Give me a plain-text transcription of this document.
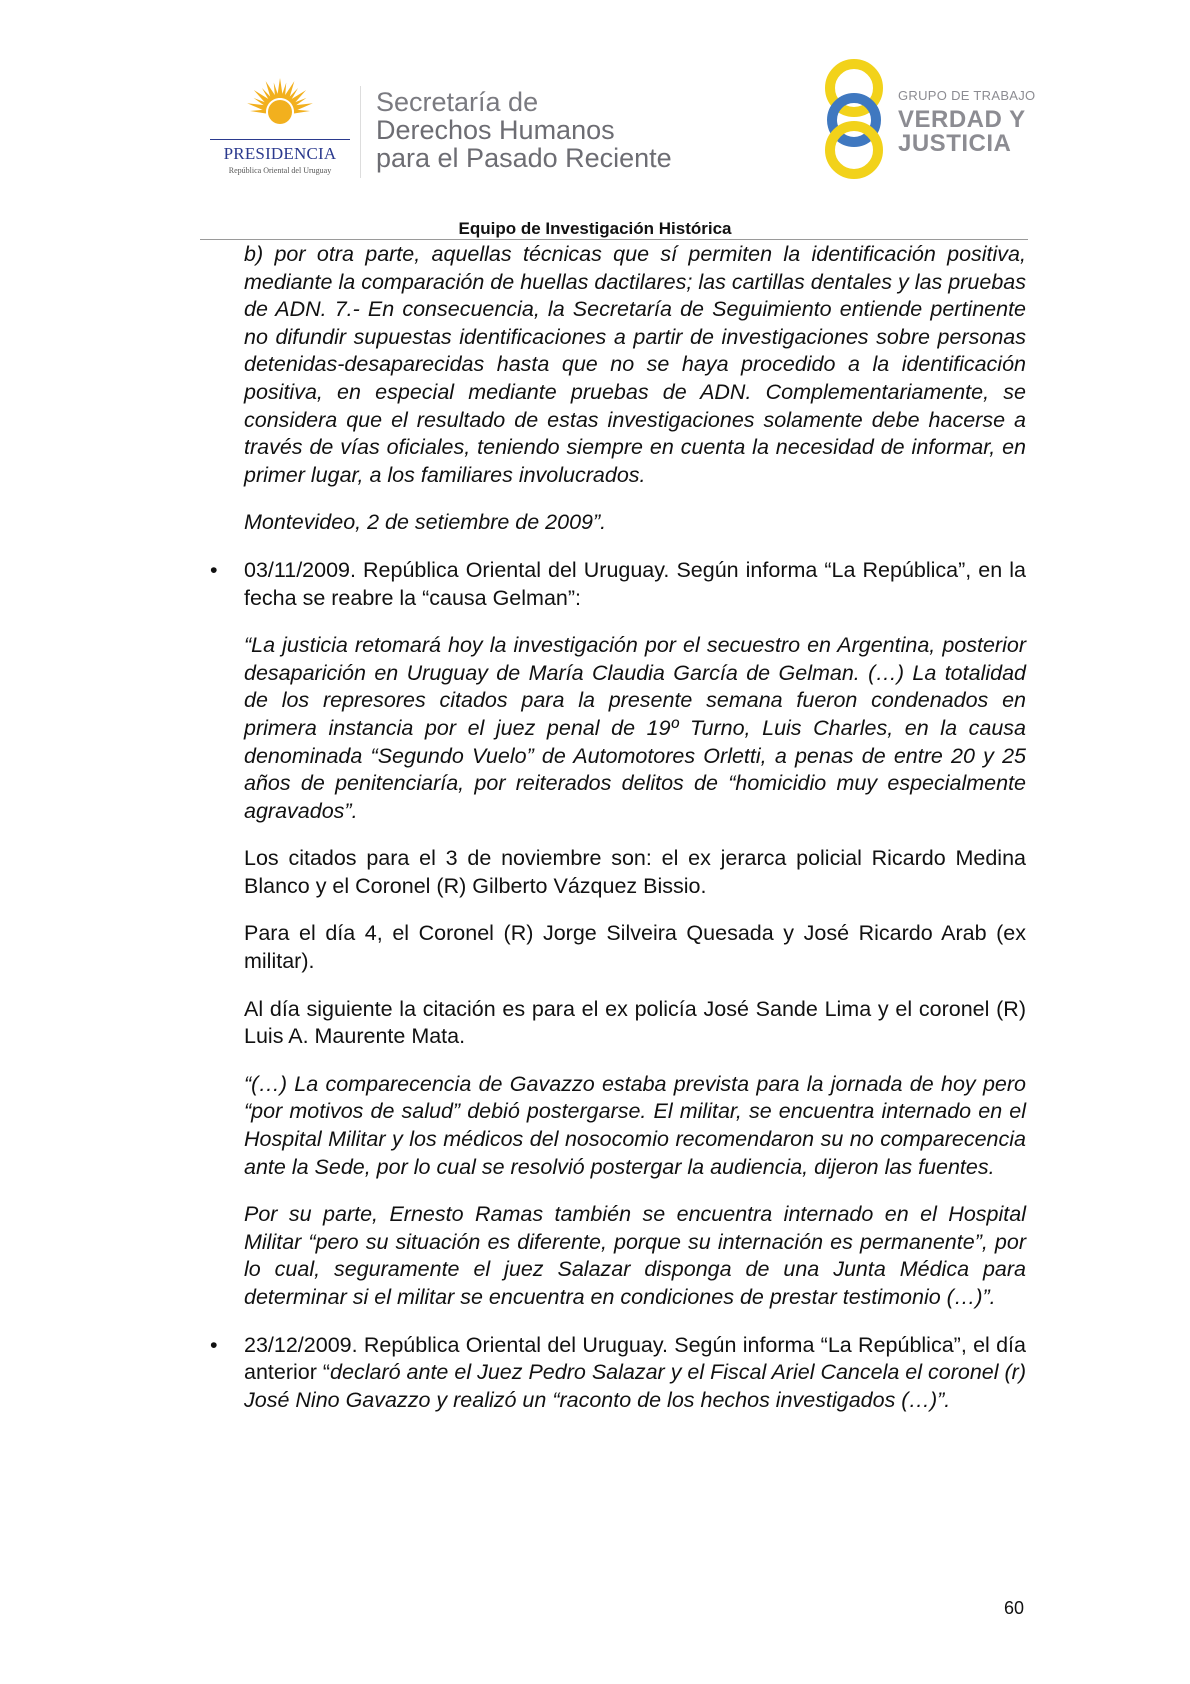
PRESIDENCIA
República Oriental del Uruguay
Secretaría de
Derechos Humanos
para el Pasado Reciente
GRUPO DE TRABAJO
VERDAD Y
JUSTICIA
Equipo de Investigación Histórica

b) por otra parte, aquellas técnicas que sí permiten la identificación positiva, mediante la comparación de huellas dactilares; las cartillas dentales y las pruebas de ADN. 7.- En consecuencia, la Secretaría de Seguimiento entiende pertinente no difundir supuestas identificaciones a partir de investigaciones sobre personas detenidas-desaparecidas hasta que no se haya procedido a la identificación positiva, en especial mediante pruebas de ADN. Complementariamente, se considera que el resultado de estas investigaciones solamente debe hacerse a través de vías oficiales, teniendo siempre en cuenta la necesidad de informar, en primer lugar, a los familiares involucrados.

Montevideo, 2 de setiembre de 2009”.

• 03/11/2009. República Oriental del Uruguay. Según informa “La República”, en la fecha se reabre la “causa Gelman”:

“La justicia retomará hoy la investigación por el secuestro en Argentina, posterior desaparición en Uruguay de María Claudia García de Gelman. (…) La totalidad de los represores citados para la presente semana fueron condenados en primera instancia por el juez penal de 19º Turno, Luis Charles, en la causa denominada “Segundo Vuelo” de Automotores Orletti, a penas de entre 20 y 25 años de penitenciaría, por reiterados delitos de “homicidio muy especialmente agravados”.

Los citados para el 3 de noviembre son: el ex jerarca policial Ricardo Medina Blanco y el Coronel (R) Gilberto Vázquez Bissio.

Para el día 4, el Coronel (R) Jorge Silveira Quesada y José Ricardo Arab (ex militar).

Al día siguiente la citación es para el ex policía José Sande Lima y el coronel (R) Luis A. Maurente Mata.

“(…) La comparecencia de Gavazzo estaba prevista para la jornada de hoy pero “por motivos de salud” debió postergarse. El militar, se encuentra internado en el Hospital Militar y los médicos del nosocomio recomendaron su no comparecencia ante la Sede, por lo cual se resolvió postergar la audiencia, dijeron las fuentes.

Por su parte, Ernesto Ramas también se encuentra internado en el Hospital Militar “pero su situación es diferente, porque su internación es permanente”, por lo cual, seguramente el juez Salazar disponga de una Junta Médica para determinar si el militar se encuentra en condiciones de prestar testimonio (…)”.

• 23/12/2009. República Oriental del Uruguay. Según informa “La República”, el día anterior “declaró ante el Juez Pedro Salazar y el Fiscal Ariel Cancela el coronel (r) José Nino Gavazzo y realizó un “raconto de los hechos investigados (…)”.

60
